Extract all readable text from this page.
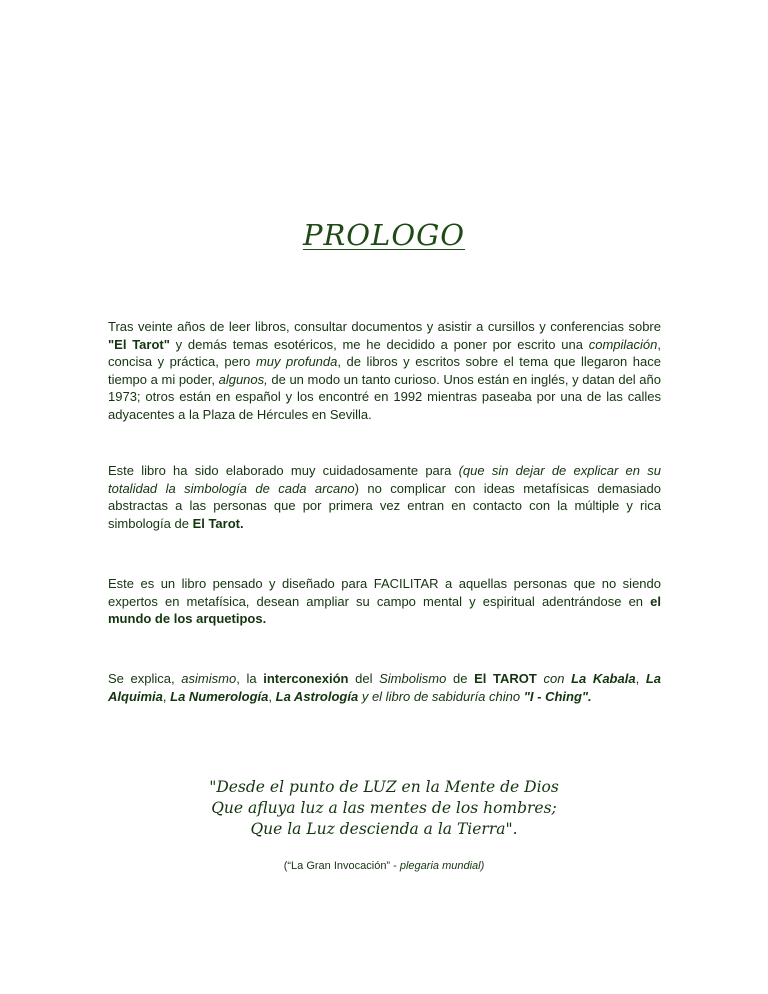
PROLOGO

Tras veinte años de leer libros, consultar documentos y asistir a cursillos y conferencias sobre "El Tarot" y demás temas esotéricos, me he decidido a poner por escrito una compilación, concisa y práctica, pero muy profunda, de libros y escritos sobre el tema que llegaron hace tiempo a mi poder, algunos, de un modo un tanto curioso. Unos están en inglés, y datan del año 1973; otros están en español y los encontré en 1992 mientras paseaba por una de las calles adyacentes a la Plaza de Hércules en Sevilla.

Este libro ha sido elaborado muy cuidadosamente para (que sin dejar de explicar en su totalidad la simbología de cada arcano) no complicar con ideas metafísicas demasiado abstractas a las personas que por primera vez entran en contacto con la múltiple y rica simbología de El Tarot.

Este es un libro pensado y diseñado para FACILITAR a aquellas personas que no siendo expertos en metafísica, desean ampliar su campo mental y espiritual adentrándose en el mundo de los arquetipos.

Se explica, asimismo, la interconexión del Simbolismo de El TAROT con La Kabala, La Alquimia, La Numerología, La Astrología y el libro de sabiduría chino "I - Ching".

"Desde el punto de LUZ en la Mente de Dios
Que afluya luz a las mentes de los hombres;
Que la Luz descienda a la Tierra".
(“La Gran Invocación” - plegaria mundial)
